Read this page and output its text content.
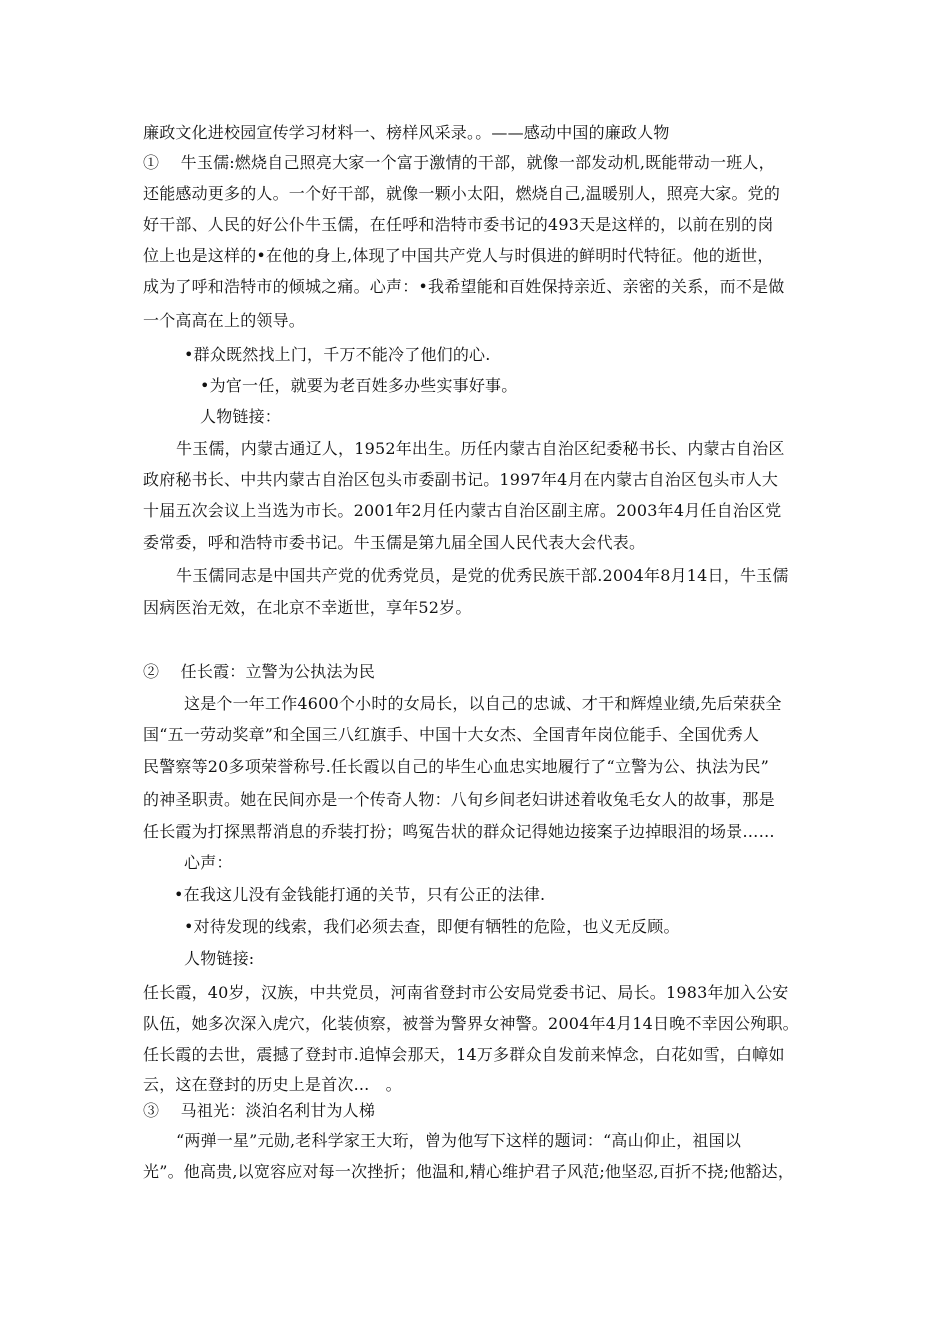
廉政文化进校园宣传学习材料一、榜样风采录。。——感动中国的廉政人物
①　 牛玉儒:燃烧自己照亮大家一个富于激情的干部，就像一部发动机,既能带动一班人，
还能感动更多的人。一个好干部，就像一颗小太阳，燃烧自己,温暖别人，照亮大家。党的
好干部、人民的好公仆牛玉儒，在任呼和浩特市委书记的493天是这样的，以前在别的岗
位上也是这样的•在他的身上,体现了中国共产党人与时俱进的鲜明时代特征。他的逝世，
成为了呼和浩特市的倾城之痛。心声：•我希望能和百姓保持亲近、亲密的关系，而不是做
一个高高在上的领导。
•群众既然找上门，千万不能冷了他们的心.
•为官一任，就要为老百姓多办些实事好事。
人物链接：
牛玉儒，内蒙古通辽人，1952年出生。历任内蒙古自治区纪委秘书长、内蒙古自治区
政府秘书长、中共内蒙古自治区包头市委副书记。1997年4月在内蒙古自治区包头市人大
十届五次会议上当选为市长。2001年2月任内蒙古自治区副主席。2003年4月任自治区党
委常委，呼和浩特市委书记。牛玉儒是第九届全国人民代表大会代表。
牛玉儒同志是中国共产党的优秀党员，是党的优秀民族干部.2004年8月14日，牛玉儒
因病医治无效，在北京不幸逝世，享年52岁。
②　 任长霞：立警为公执法为民
这是个一年工作4600个小时的女局长，以自己的忠诚、才干和辉煌业绩,先后荣获全
国“五一劳动奖章”和全国三八红旗手、中国十大女杰、全国青年岗位能手、全国优秀人
民警察等20多项荣誉称号.任长霞以自己的毕生心血忠实地履行了“立警为公、执法为民”
的神圣职责。她在民间亦是一个传奇人物：八旬乡间老妇讲述着收兔毛女人的故事，那是
任长霞为打探黑帮消息的乔装打扮；鸣冤告状的群众记得她边接案子边掉眼泪的场景……
心声：
•在我这儿没有金钱能打通的关节，只有公正的法律.
•对待发现的线索，我们必须去查，即便有牺牲的危险，也义无反顾。
人物链接:
任长霞，40岁，汉族，中共党员，河南省登封市公安局党委书记、局长。1983年加入公安
队伍，她多次深入虎穴，化装侦察，被誉为警界女神警。2004年4月14日晚不幸因公殉职。
任长霞的去世，震撼了登封市.追悼会那天，14万多群众自发前来悼念，白花如雪，白幛如
云，这在登封的历史上是首次...　。
③　 马祖光：淡泊名利甘为人梯
“两弹一星”元勋,老科学家王大珩，曾为他写下这样的题词：“高山仰止，祖国以
光”。他高贵,以宽容应对每一次挫折；他温和,精心维护君子风范;他坚忍,百折不挠;他豁达，
